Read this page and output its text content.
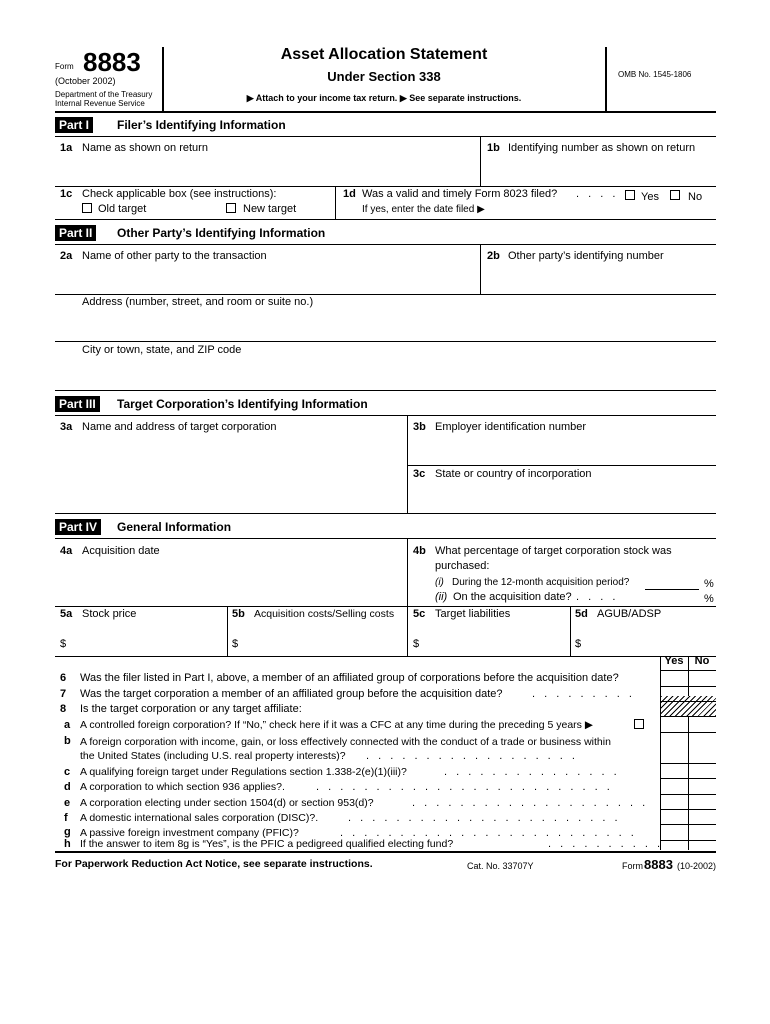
Form 8883
(October 2002)
Department of the Treasury
Internal Revenue Service
Asset Allocation Statement
Under Section 338
▶ Attach to your income tax return. ▶ See separate instructions.
OMB No. 1545-1806
Part I	Filer’s Identifying Information
1a Name as shown on return	1b Identifying number as shown on return
1c Check applicable box (see instructions):
Old target	New target
1d Was a valid and timely Form 8023 filed? . . . . Yes	No
If yes, enter the date filed ▶
Part II	Other Party’s Identifying Information
2a Name of other party to the transaction	2b Other party’s identifying number
Address (number, street, and room or suite no.)
City or town, state, and ZIP code
Part III	Target Corporation’s Identifying Information
3a Name and address of target corporation	3b Employer identification number
3c State or country of incorporation
Part IV	General Information
4a Acquisition date	4b What percentage of target corporation stock was
purchased:
(i) During the 12-month acquisition period?	%
(ii) On the acquisition date? . . . .	%
5a Stock price
$
5b Acquisition costs/Selling costs
$
5c Target liabilities
$
5d AGUB/ADSP
$
Yes	No
6 Was the filer listed in Part I, above, a member of an affiliated group of corporations before the acquisition date?
7 Was the target corporation a member of an affiliated group before the acquisition date?	. . . . . . . . .
8 Is the target corporation or any target affiliate:
a A controlled foreign corporation? If “No,” check here if it was a CFC at any time during the preceding 5 years ▶
b A foreign corporation with income, gain, or loss effectively connected with the conduct of a trade or business within
the United States (including U.S. real property interests)? . . . . . . . . . . . . . . . . . .
c A qualifying foreign target under Regulations section 1.338-2(e)(1)(iii)?	. . . . . . . . . . . . . . .
d A corporation to which section 936 applies?.	. . . . . . . . . . . . . . . . . . . . . . . . .
e A corporation electing under section 1504(d) or section 953(d)?	. . . . . . . . . . . . . . . . . . . .
f A domestic international sales corporation (DISC)?.	. . . . . . . . . . . . . . . . . . . . . . .
g A passive foreign investment company (PFIC)?	. . . . . . . . . . . . . . . . . . . . . . . . .
h If the answer to item 8g is “Yes”, is the PFIC a pedigreed qualified electing fund?	. . . . . . . . . .
For Paperwork Reduction Act Notice, see separate instructions.	Cat. No. 33707Y	Form 8883 (10-2002)
